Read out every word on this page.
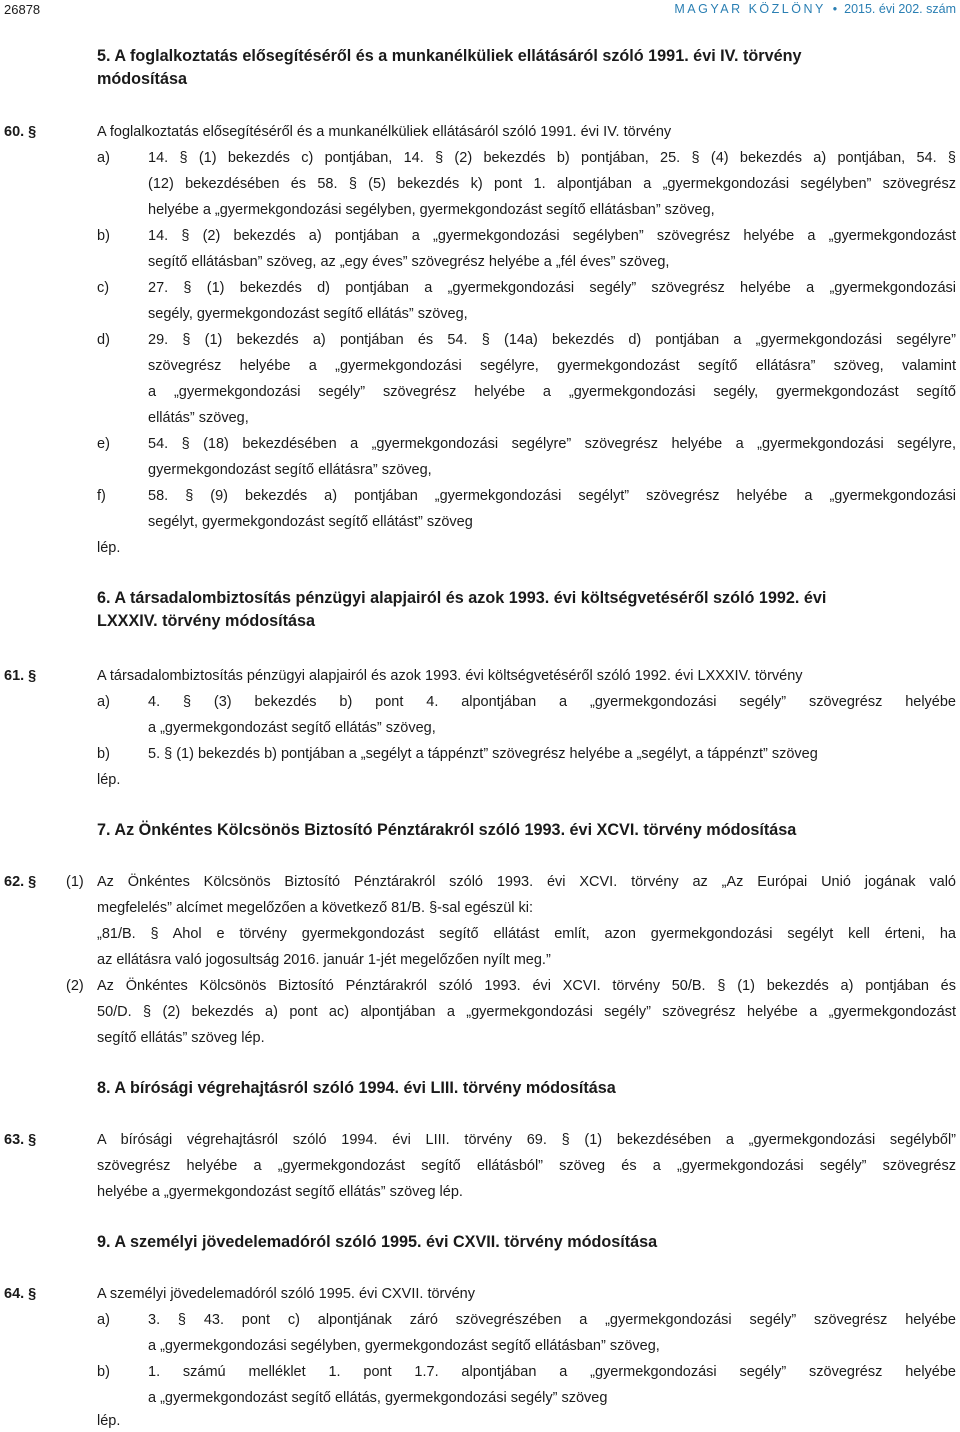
26878	MAGYAR KÖZLÖNY  •  2015. évi 202. szám
5. A foglalkoztatás elősegítéséről és a munkanélküliek ellátásáról szóló 1991. évi IV. törvény
módosítása
60. §	A foglalkoztatás elősegítéséről és a munkanélküliek ellátásáról szóló 1991. évi IV. törvény
a)	14. § (1) bekezdés c) pontjában, 14. § (2) bekezdés b) pontjában, 25. § (4) bekezdés a) pontjában, 54. §
(12) bekezdésében és 58. § (5) bekezdés k) pont 1. alpontjában a „gyermekgondozási segélyben” szövegrész
helyébe a „gyermekgondozási segélyben, gyermekgondozást segítő ellátásban” szöveg,
b)	14. § (2) bekezdés a) pontjában a „gyermekgondozási segélyben” szövegrész helyébe a „gyermekgondozást
segítő ellátásban” szöveg, az „egy éves” szövegrész helyébe a „fél éves” szöveg,
c)	27. § (1) bekezdés d) pontjában a „gyermekgondozási segély” szövegrész helyébe a „gyermekgondozási
segély, gyermekgondozást segítő ellátás” szöveg,
d)	29. § (1) bekezdés a) pontjában és 54. § (14a) bekezdés d) pontjában a „gyermekgondozási segélyre”
szövegrész helyébe a „gyermekgondozási segélyre, gyermekgondozást segítő ellátásra” szöveg, valamint
a „gyermekgondozási segély” szövegrész helyébe a „gyermekgondozási segély, gyermekgondozást segítő
ellátás” szöveg,
e)	54. § (18) bekezdésében a „gyermekgondozási segélyre” szövegrész helyébe a „gyermekgondozási segélyre,
gyermekgondozást segítő ellátásra” szöveg,
f)	58. § (9) bekezdés a) pontjában „gyermekgondozási segélyt” szövegrész helyébe a „gyermekgondozási
segélyt, gyermekgondozást segítő ellátást” szöveg
lép.
6. A társadalombiztosítás pénzügyi alapjairól és azok 1993. évi költségvetéséről szóló 1992. évi
LXXXIV. törvény módosítása
61. §	A társadalombiztosítás pénzügyi alapjairól és azok 1993. évi költségvetéséről szóló 1992. évi LXXXIV. törvény
a)	4. § (3) bekezdés b) pont 4. alpontjában a „gyermekgondozási segély” szövegrész helyébe
a „gyermekgondozást segítő ellátás” szöveg,
b)	5. § (1) bekezdés b) pontjában a „segélyt a táppénzt” szövegrész helyébe a „segélyt, a táppénzt” szöveg
lép.
7. Az Önkéntes Kölcsönös Biztosító Pénztárakról szóló 1993. évi XCVI. törvény módosítása
62. § (1) Az Önkéntes Kölcsönös Biztosító Pénztárakról szóló 1993. évi XCVI. törvény az „Az Európai Unió jogának való
megfelelés” alcímet megelőzően a következő 81/B. §-sal egészül ki:
„81/B. § Ahol e törvény gyermekgondozást segítő ellátást említ, azon gyermekgondozási segélyt kell érteni, ha
az ellátásra való jogosultság 2016. január 1-jét megelőzően nyílt meg.”
(2) Az Önkéntes Kölcsönös Biztosító Pénztárakról szóló 1993. évi XCVI. törvény 50/B. § (1) bekezdés a) pontjában és
50/D. § (2) bekezdés a) pont ac) alpontjában a „gyermekgondozási segély” szövegrész helyébe a „gyermekgondozást
segítő ellátás” szöveg lép.
8. A bírósági végrehajtásról szóló 1994. évi LIII. törvény módosítása
63. §	A bírósági végrehajtásról szóló 1994. évi LIII. törvény 69. § (1) bekezdésében a „gyermekgondozási segélyből”
szövegrész helyébe a „gyermekgondozást segítő ellátásból” szöveg és a „gyermekgondozási segély” szövegrész
helyébe a „gyermekgondozást segítő ellátás” szöveg lép.
9. A személyi jövedelemadóról szóló 1995. évi CXVII. törvény módosítása
64. §	A személyi jövedelemadóról szóló 1995. évi CXVII. törvény
a)	3. § 43. pont c) alpontjának záró szövegrészében a „gyermekgondozási segély” szövegrész helyébe
a „gyermekgondozási segélyben, gyermekgondozást segítő ellátásban” szöveg,
b)	1. számú melléklet 1. pont 1.7. alpontjában a „gyermekgondozási segély” szövegrész helyébe
a „gyermekgondozást segítő ellátás, gyermekgondozási segély” szöveg
lép.
